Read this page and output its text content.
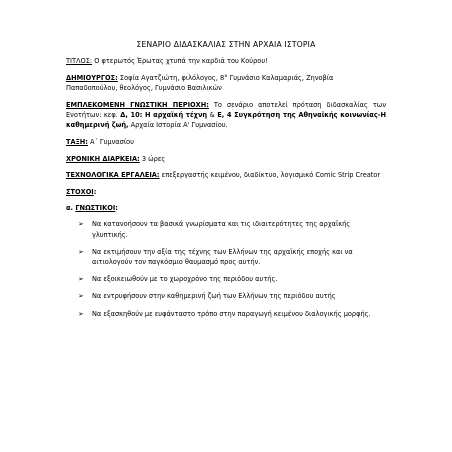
ΣΕΝΑΡΙΟ ΔΙΔΑΣΚΑΛΙΑΣ ΣΤΗΝ ΑΡΧΑΙΑ ΙΣΤΟΡΙΑ
ΤΙΤΛΟΣ: Ο φτερωτός Έρωτας χτυπά την καρδιά του Κούρου!
ΔΗΜΙΟΥΡΓΟΣ: Σοφία Αγατζιώτη, φιλόλογος, 8° Γυμνάσιο Καλαμαριάς, Ζηνοβία Παπαδοπούλου, θεολόγος, Γυμνάσιο Βασιλικών
ΕΜΠΛΕΚΟΜΕΝΗ ΓΝΩΣΤΙΚΗ ΠΕΡΙΟΧΗ: Το σενάριο αποτελεί πρόταση διδασκαλίας των Ενοτήτων: κεφ. Δ, 10: Η αρχαϊκή τέχνη & Ε, 4 Συγκρότηση της Αθηναϊκής κοινωνίας-Η καθημερινή ζωή, Αρχαία Ιστορία Α' Γυμνασίου.
ΤΑΞΗ: Α΄ Γυμνασίου
ΧΡΟΝΙΚΗ ΔΙΑΡΚΕΙΑ: 3 ώρες
ΤΕΧΝΟΛΟΓΙΚΑ ΕΡΓΑΛΕΙΑ: επεξεργαστής κειμένου, διαδίκτυο, λογισμικό Comic Strip Creator
ΣΤΟΧΟΙ:
α. ΓΝΩΣΤΙΚΟΙ:
➢ Να κατανοήσουν τα βασικά γνωρίσματα και τις ιδιαιτερότητες της αρχαϊκής γλυπτικής.
➢ Να εκτιμήσουν την αξία της τέχνης των Ελλήνων της αρχαϊκής εποχής και να αιτιολογούν τον παγκόσμιο θαυμασμό προς αυτήν.
➢ Να εξοικειωθούν με το χωροχρόνο της περιόδου αυτής.
➢ Να εντρυφήσουν στην καθημερινή ζωή των Ελλήνων της περιόδου αυτής
➢ Να εξασκηθούν με ευφάνταστο τρόπο στην παραγωγή κειμένου διαλογικής μορφής.
